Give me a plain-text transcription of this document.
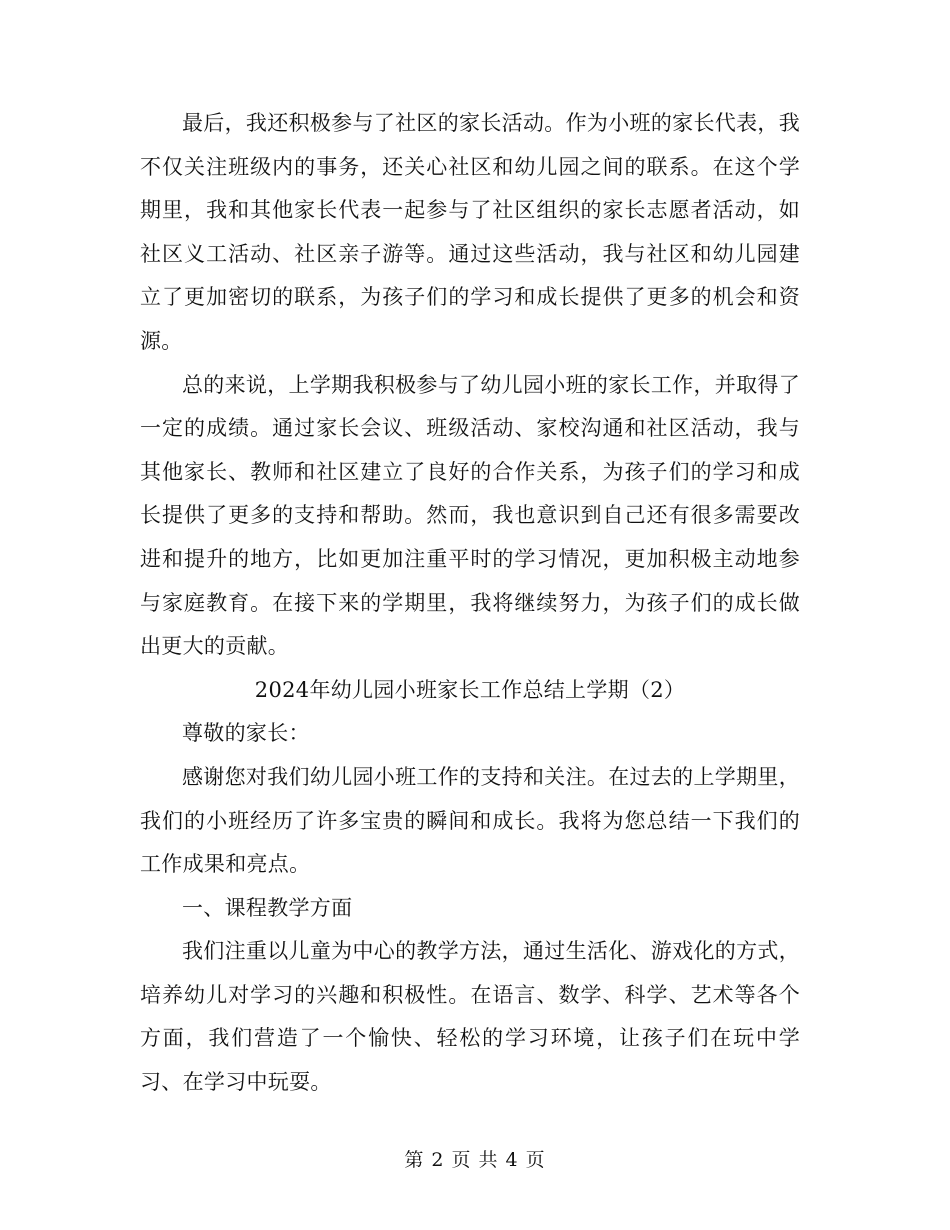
最后，我还积极参与了社区的家长活动。作为小班的家长代表，我不仅关注班级内的事务，还关心社区和幼儿园之间的联系。在这个学期里，我和其他家长代表一起参与了社区组织的家长志愿者活动，如社区义工活动、社区亲子游等。通过这些活动，我与社区和幼儿园建立了更加密切的联系，为孩子们的学习和成长提供了更多的机会和资源。

总的来说，上学期我积极参与了幼儿园小班的家长工作，并取得了一定的成绩。通过家长会议、班级活动、家校沟通和社区活动，我与其他家长、教师和社区建立了良好的合作关系，为孩子们的学习和成长提供了更多的支持和帮助。然而，我也意识到自己还有很多需要改进和提升的地方，比如更加注重平时的学习情况，更加积极主动地参与家庭教育。在接下来的学期里，我将继续努力，为孩子们的成长做出更大的贡献。

2024年幼儿园小班家长工作总结上学期（2）

尊敬的家长：

感谢您对我们幼儿园小班工作的支持和关注。在过去的上学期里，我们的小班经历了许多宝贵的瞬间和成长。我将为您总结一下我们的工作成果和亮点。

一、课程教学方面

我们注重以儿童为中心的教学方法，通过生活化、游戏化的方式，培养幼儿对学习的兴趣和积极性。在语言、数学、科学、艺术等各个方面，我们营造了一个愉快、轻松的学习环境，让孩子们在玩中学习、在学习中玩耍。

第 2 页 共 4 页
